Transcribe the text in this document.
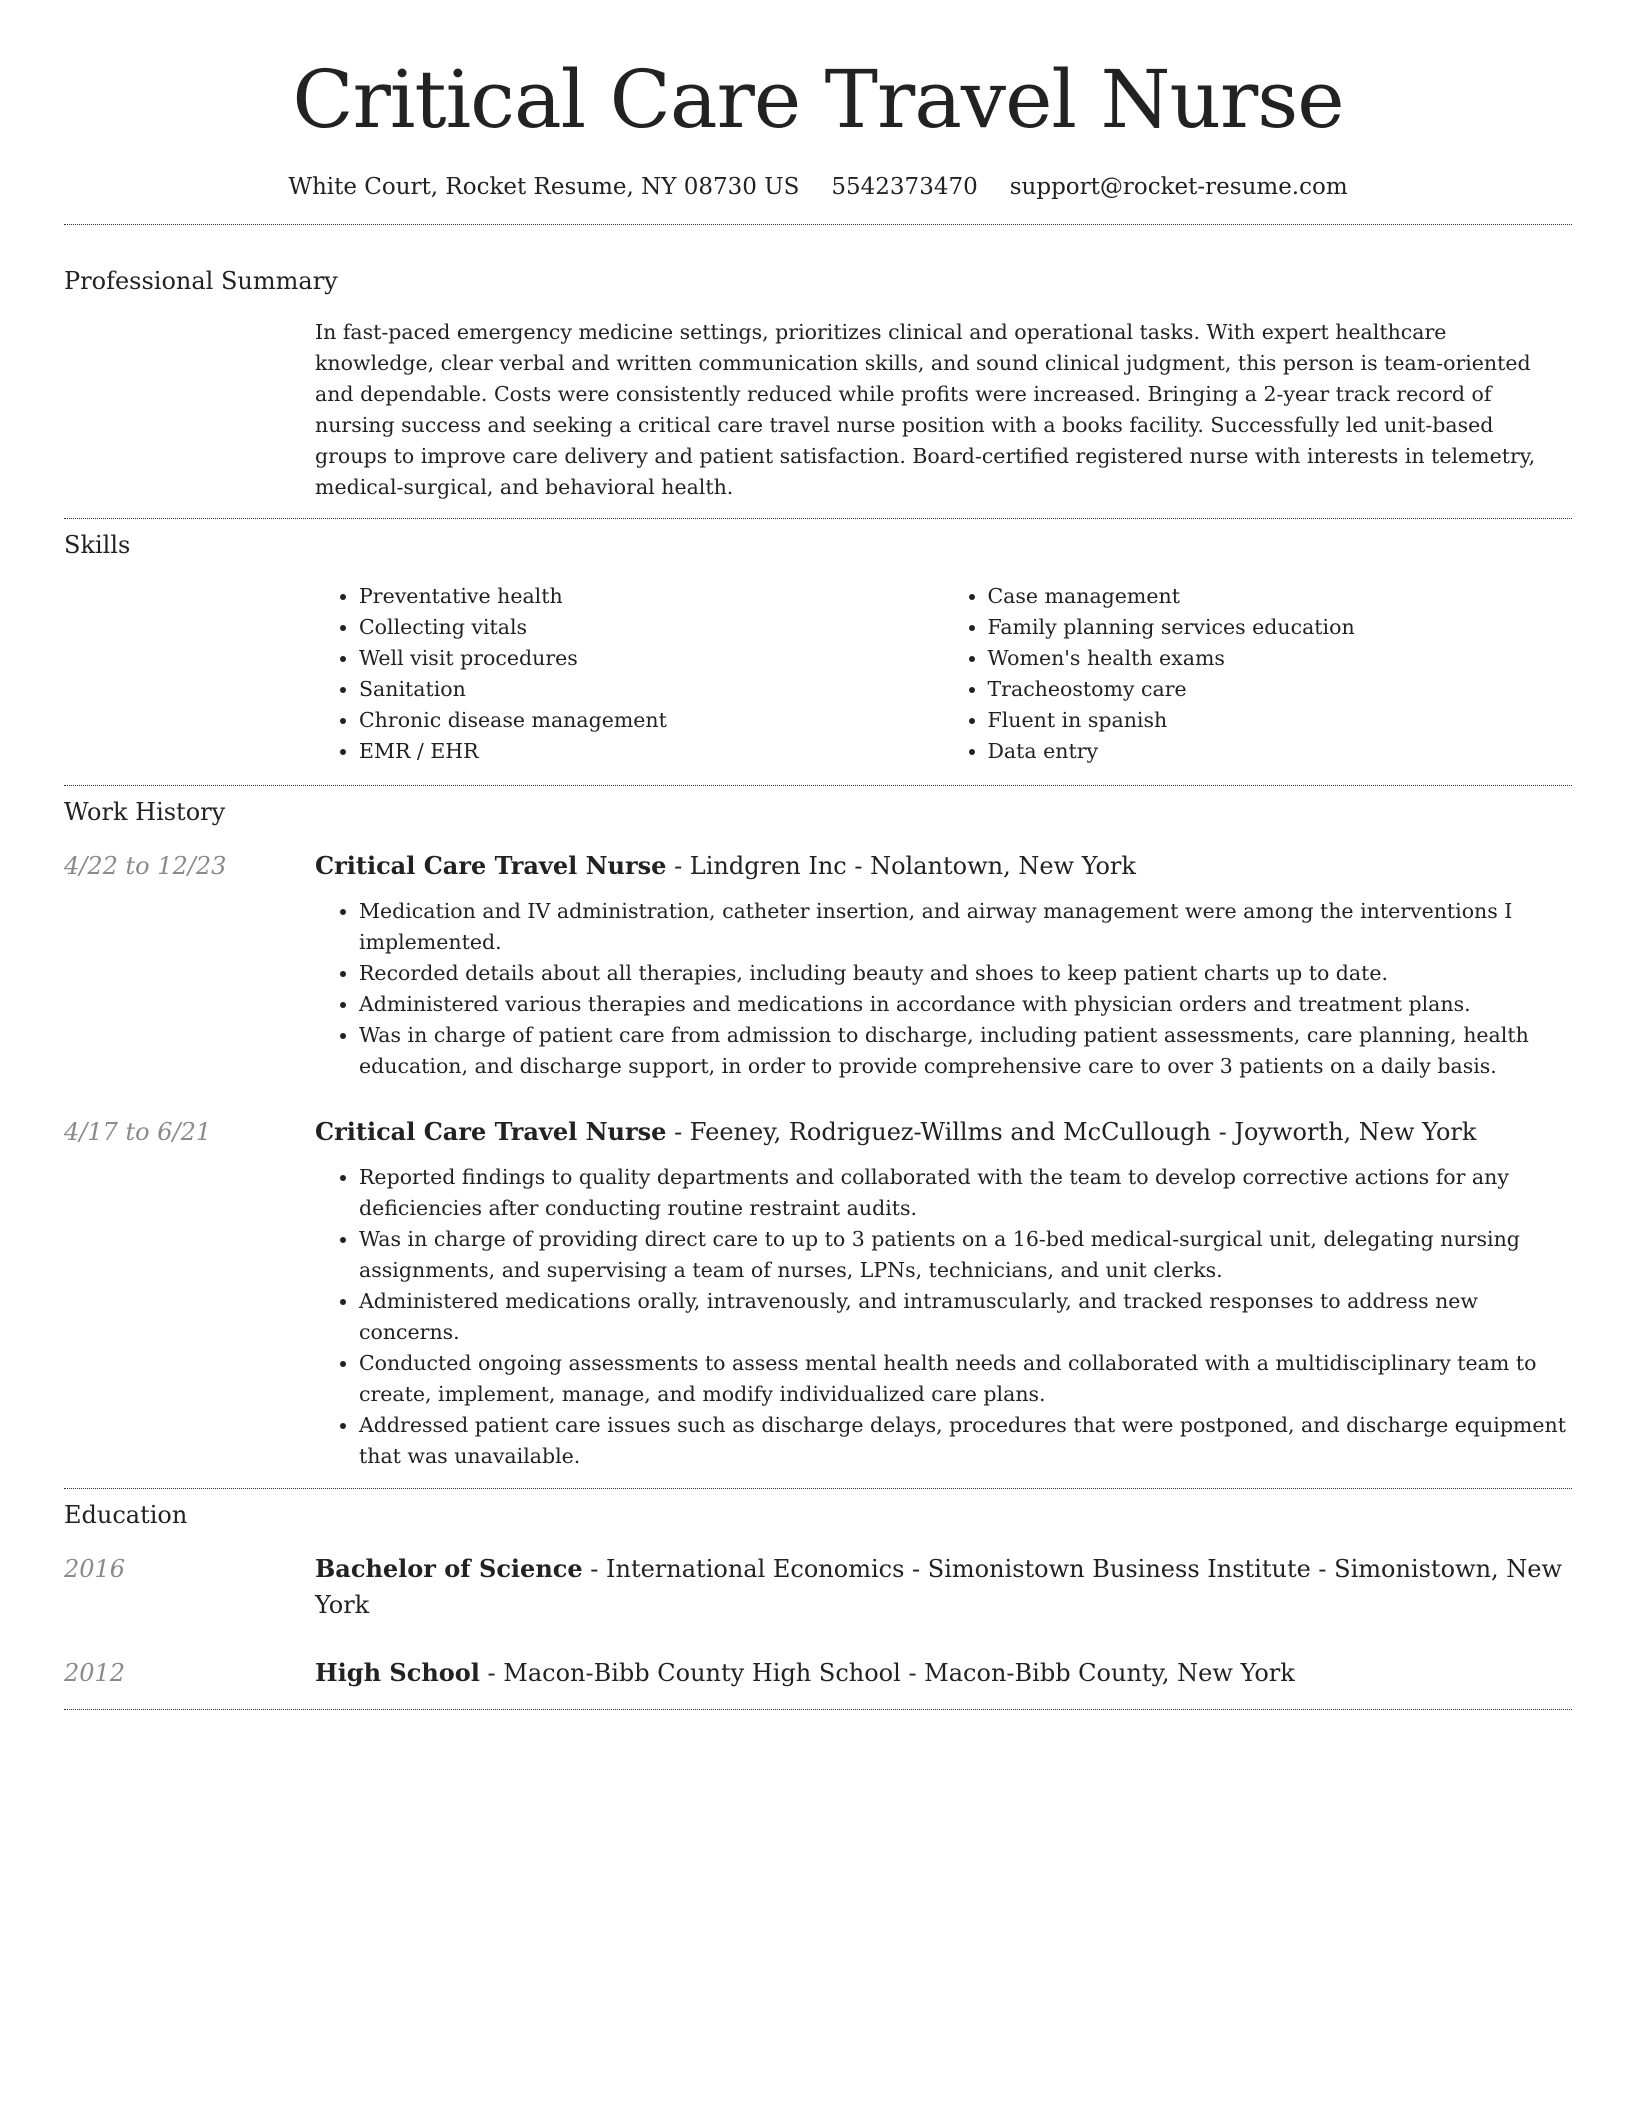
Critical Care Travel Nurse
White Court, Rocket Resume, NY 08730 US 5542373470 support@rocket-resume.com
Professional Summary

In fast-paced emergency medicine settings, prioritizes clinical and operational tasks. With expert healthcare knowledge, clear verbal and written communication skills, and sound clinical judgment, this person is team-oriented and dependable. Costs were consistently reduced while profits were increased. Bringing a 2-year track record of nursing success and seeking a critical care travel nurse position with a books facility. Successfully led unit-based groups to improve care delivery and patient satisfaction. Board-certified registered nurse with interests in telemetry, medical-surgical, and behavioral health.

Skills
• Preventative health
• Collecting vitals
• Well visit procedures
• Sanitation
• Chronic disease management
• EMR / EHR
• Case management
• Family planning services education
• Women's health exams
• Tracheostomy care
• Fluent in spanish
• Data entry
Work History
4/22 to 12/23	Critical Care Travel Nurse - Lindgren Inc - Nolantown, New York
• Medication and IV administration, catheter insertion, and airway management were among the interventions I implemented.
• Recorded details about all therapies, including beauty and shoes to keep patient charts up to date.
• Administered various therapies and medications in accordance with physician orders and treatment plans.
• Was in charge of patient care from admission to discharge, including patient assessments, care planning, health education, and discharge support, in order to provide comprehensive care to over 3 patients on a daily basis.
4/17 to 6/21	Critical Care Travel Nurse - Feeney, Rodriguez-Willms and McCullough - Joyworth, New York
• Reported findings to quality departments and collaborated with the team to develop corrective actions for any deficiencies after conducting routine restraint audits.
• Was in charge of providing direct care to up to 3 patients on a 16-bed medical-surgical unit, delegating nursing assignments, and supervising a team of nurses, LPNs, technicians, and unit clerks.
• Administered medications orally, intravenously, and intramuscularly, and tracked responses to address new concerns.
• Conducted ongoing assessments to assess mental health needs and collaborated with a multidisciplinary team to create, implement, manage, and modify individualized care plans.
• Addressed patient care issues such as discharge delays, procedures that were postponed, and discharge equipment that was unavailable.
Education
2016	Bachelor of Science - International Economics - Simonistown Business Institute - Simonistown, New York
2012	High School - Macon-Bibb County High School - Macon-Bibb County, New York
